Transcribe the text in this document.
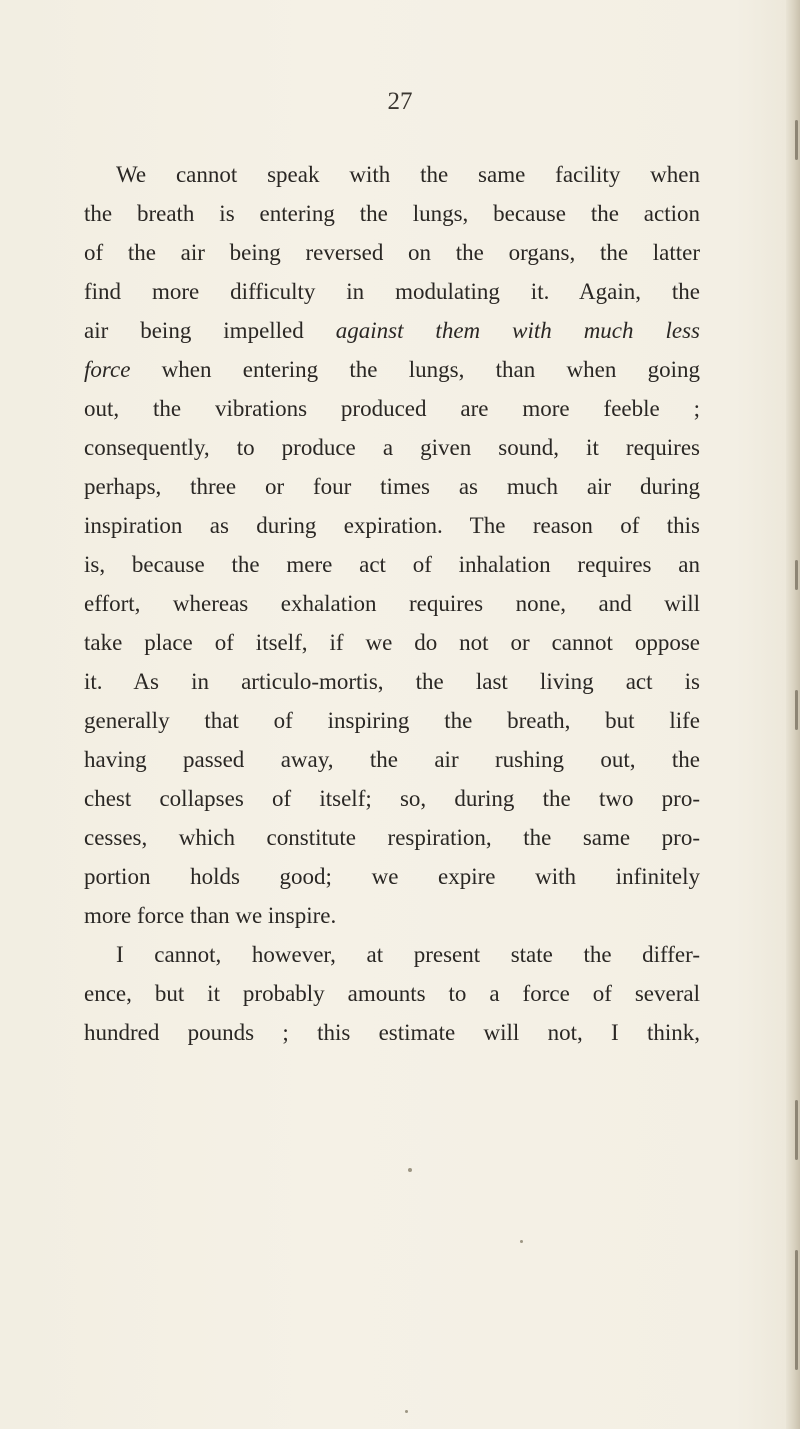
27
We cannot speak with the same facility when
the breath is entering the lungs, because the action
of the air being reversed on the organs, the latter
find more difficulty in modulating it. Again, the
air being impelled against them with much less
force when entering the lungs, than when going
out, the vibrations produced are more feeble ;
consequently, to produce a given sound, it requires
perhaps, three or four times as much air during
inspiration as during expiration. The reason of this
is, because the mere act of inhalation requires an
effort, whereas exhalation requires none, and will
take place of itself, if we do not or cannot oppose
it. As in articulo-mortis, the last living act is
generally that of inspiring the breath, but life
having passed away, the air rushing out, the
chest collapses of itself; so, during the two pro-
cesses, which constitute respiration, the same pro-
portion holds good; we expire with infinitely
more force than we inspire.
I cannot, however, at present state the differ-
ence, but it probably amounts to a force of several
hundred pounds ; this estimate will not, I think,
